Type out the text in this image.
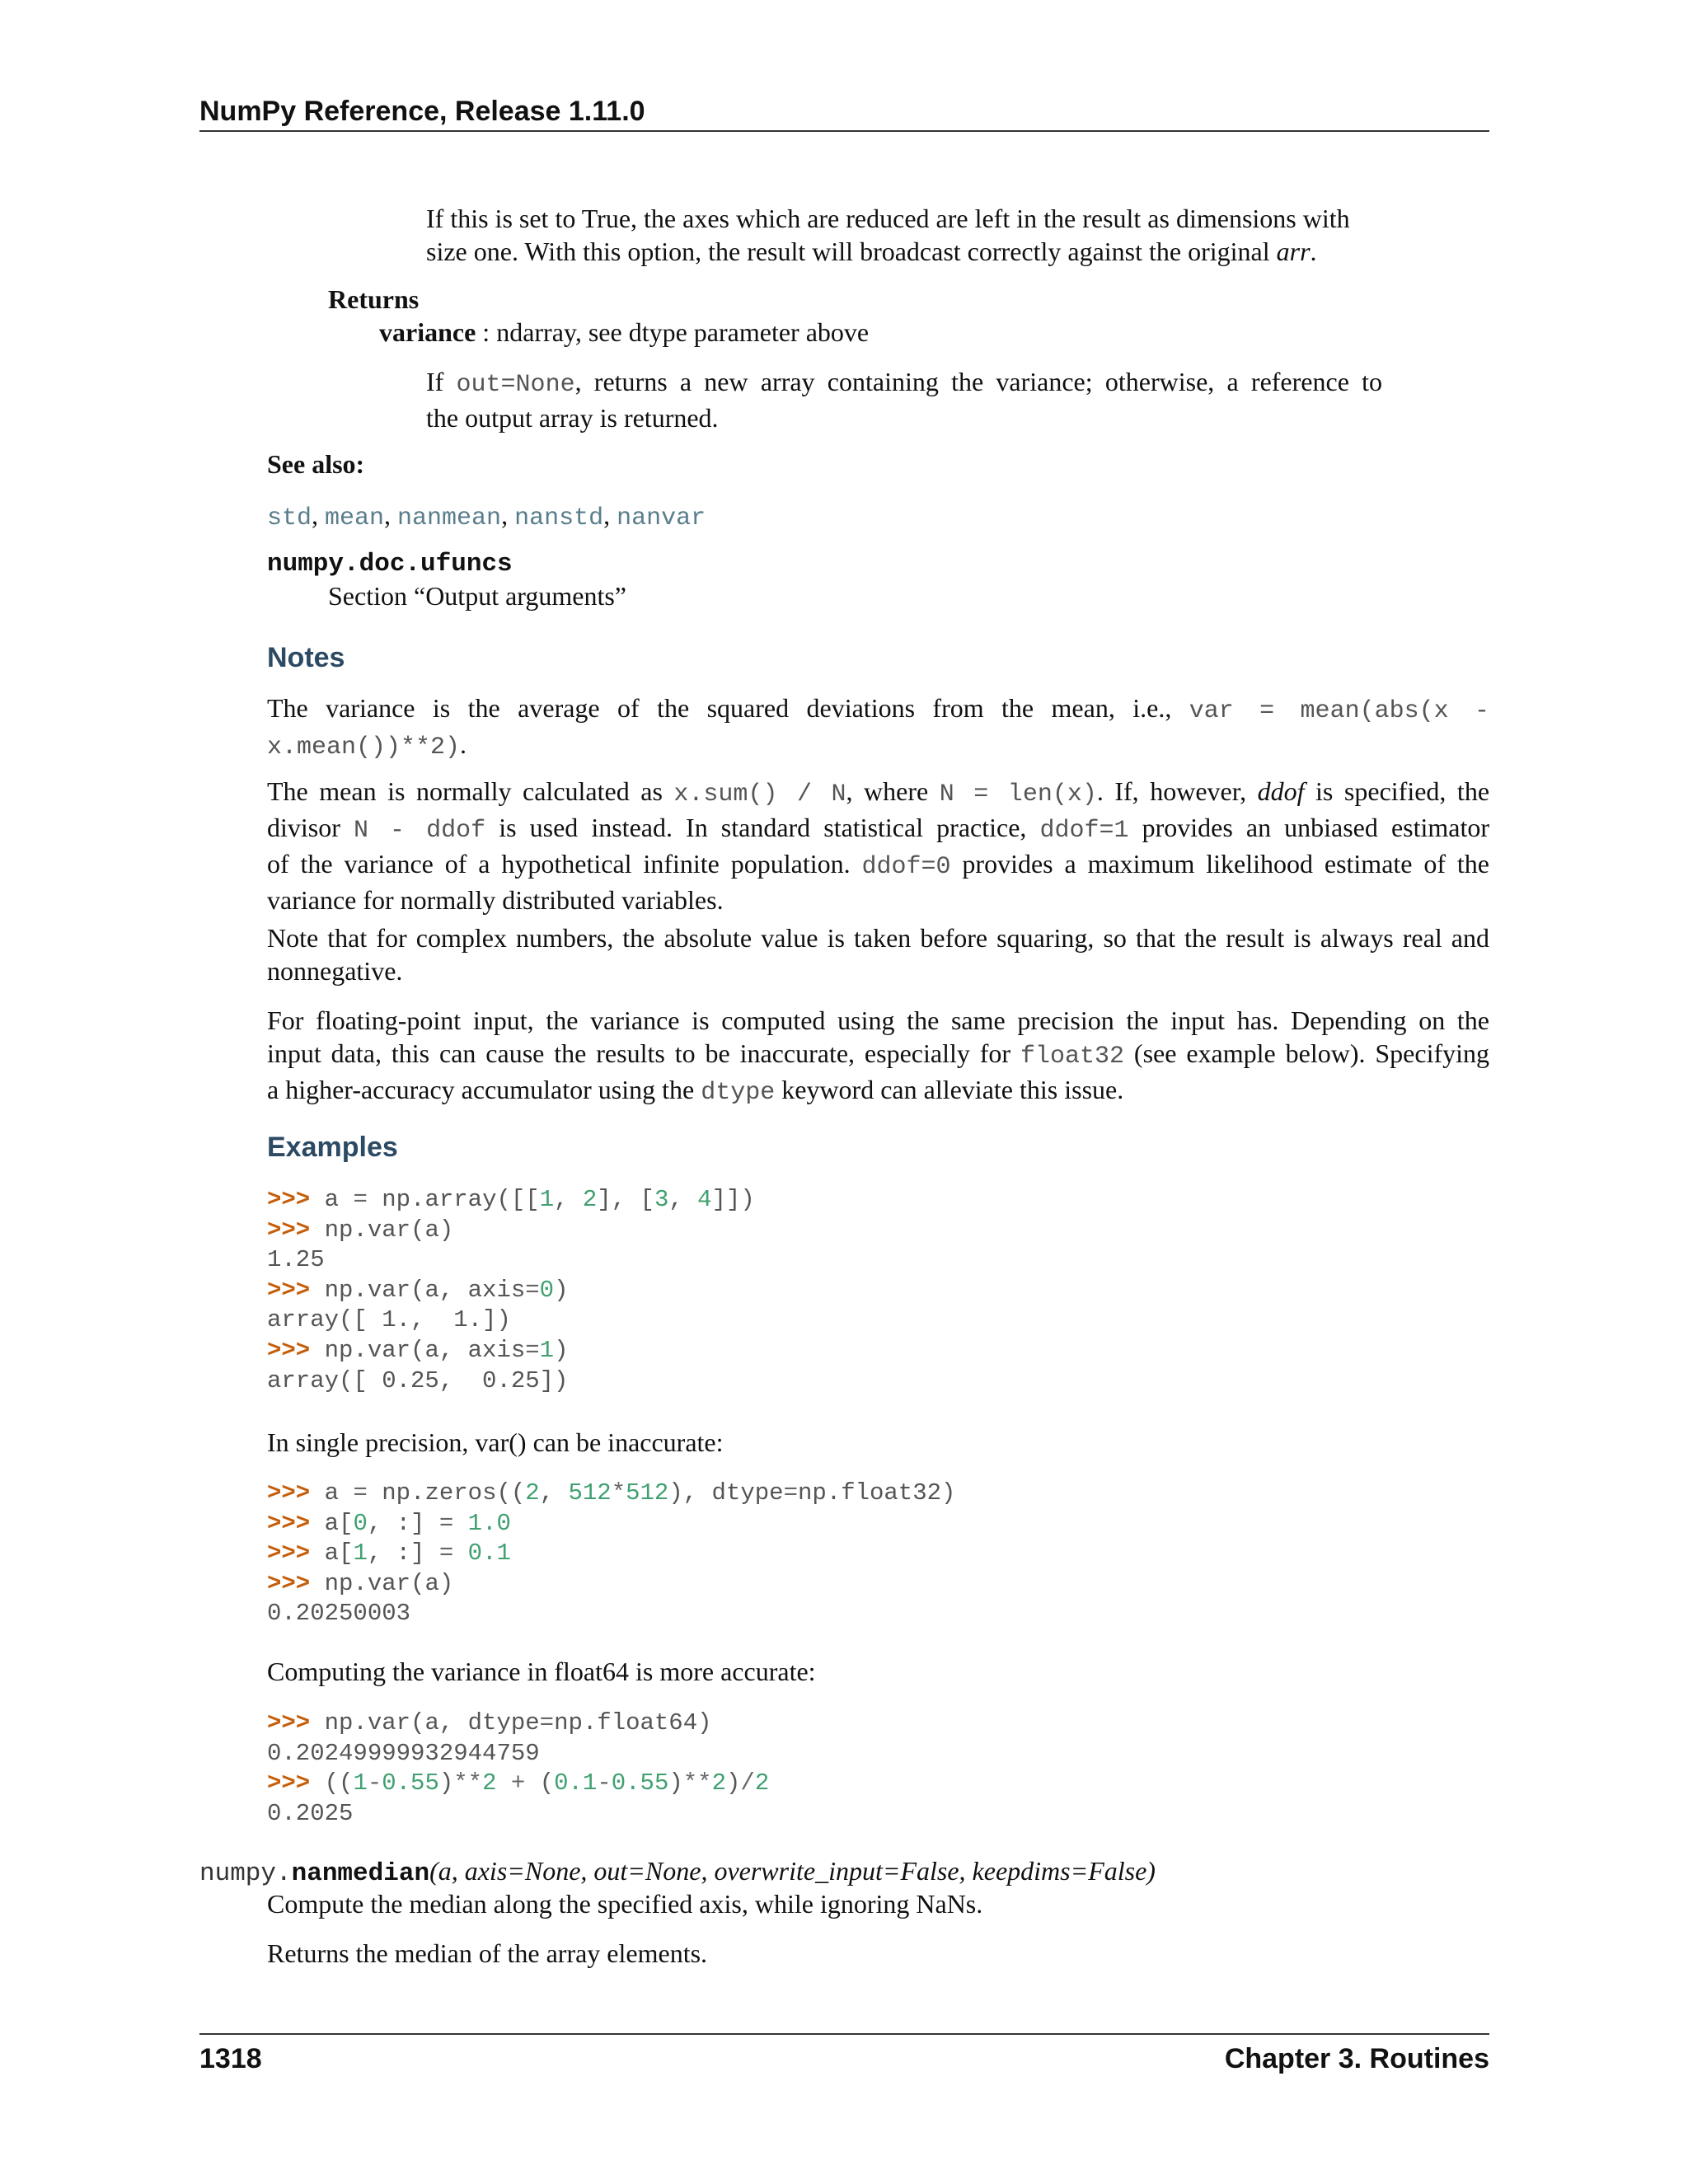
NumPy Reference, Release 1.11.0
If this is set to True, the axes which are reduced are left in the result as dimensions with
size one. With this option, the result will broadcast correctly against the original arr.
Returns
variance : ndarray, see dtype parameter above
If out=None, returns a new array containing the variance; otherwise, a reference to
the output array is returned.
See also:
std, mean, nanmean, nanstd, nanvar
numpy.doc.ufuncs
Section “Output arguments”
Notes
The variance is the average of the squared deviations from the mean, i.e., var = mean(abs(x -
x.mean())**2).
The mean is normally calculated as x.sum() / N, where N = len(x). If, however, ddof is specified, the
divisor N - ddof is used instead. In standard statistical practice, ddof=1 provides an unbiased estimator
of the variance of a hypothetical infinite population. ddof=0 provides a maximum likelihood estimate of the
variance for normally distributed variables.
Note that for complex numbers, the absolute value is taken before squaring, so that the result is always real and
nonnegative.
For floating-point input, the variance is computed using the same precision the input has. Depending on the
input data, this can cause the results to be inaccurate, especially for float32 (see example below). Specifying
a higher-accuracy accumulator using the dtype keyword can alleviate this issue.
Examples
>>> a = np.array([[1, 2], [3, 4]])
>>> np.var(a)
1.25
>>> np.var(a, axis=0)
array([ 1.,  1.])
>>> np.var(a, axis=1)
array([ 0.25,  0.25])
In single precision, var() can be inaccurate:
>>> a = np.zeros((2, 512*512), dtype=np.float32)
>>> a[0, :] = 1.0
>>> a[1, :] = 0.1
>>> np.var(a)
0.20250003
Computing the variance in float64 is more accurate:
>>> np.var(a, dtype=np.float64)
0.20249999932944759
>>> ((1-0.55)**2 + (0.1-0.55)**2)/2
0.2025
numpy.nanmedian(a, axis=None, out=None, overwrite_input=False, keepdims=False)
Compute the median along the specified axis, while ignoring NaNs.
Returns the median of the array elements.
1318	Chapter 3. Routines
